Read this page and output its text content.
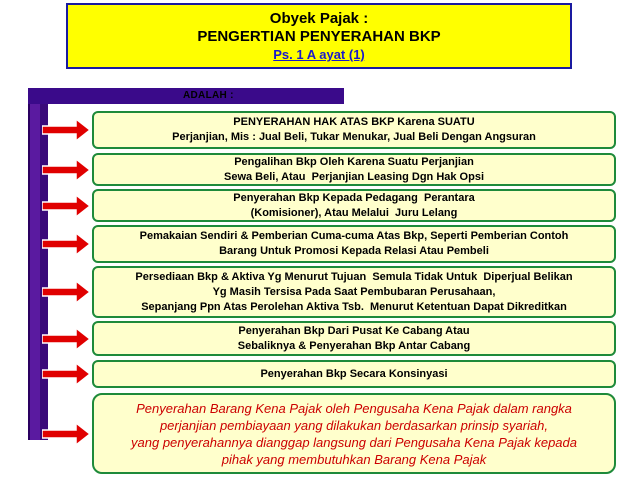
Obyek Pajak :
PENGERTIAN PENYERAHAN BKP
Ps. 1 A ayat (1)
ADALAH :
PENYERAHAN HAK ATAS BKP Karena SUATU
Perjanjian, Mis : Jual Beli, Tukar Menukar, Jual Beli Dengan Angsuran
Pengalihan Bkp Oleh Karena Suatu Perjanjian
Sewa Beli, Atau  Perjanjian Leasing Dgn Hak Opsi
Penyerahan Bkp Kepada Pedagang  Perantara
(Komisioner), Atau Melalui  Juru Lelang
Pemakaian Sendiri & Pemberian Cuma-cuma Atas Bkp, Seperti Pemberian Contoh
Barang Untuk Promosi Kepada Relasi Atau Pembeli
Persediaan Bkp & Aktiva Yg Menurut Tujuan  Semula Tidak Untuk  Diperjual Belikan
Yg Masih Tersisa Pada Saat Pembubaran Perusahaan,
Sepanjang Ppn Atas Perolehan Aktiva Tsb.  Menurut Ketentuan Dapat Dikreditkan
Penyerahan Bkp Dari Pusat Ke Cabang Atau
Sebaliknya & Penyerahan Bkp Antar Cabang
Penyerahan Bkp Secara Konsinyasi
Penyerahan Barang Kena Pajak oleh Pengusaha Kena Pajak dalam rangka
perjanjian pembiayaan yang dilakukan berdasarkan prinsip syariah,
yang penyerahannya dianggap langsung dari Pengusaha Kena Pajak kepada
pihak yang membutuhkan Barang Kena Pajak
